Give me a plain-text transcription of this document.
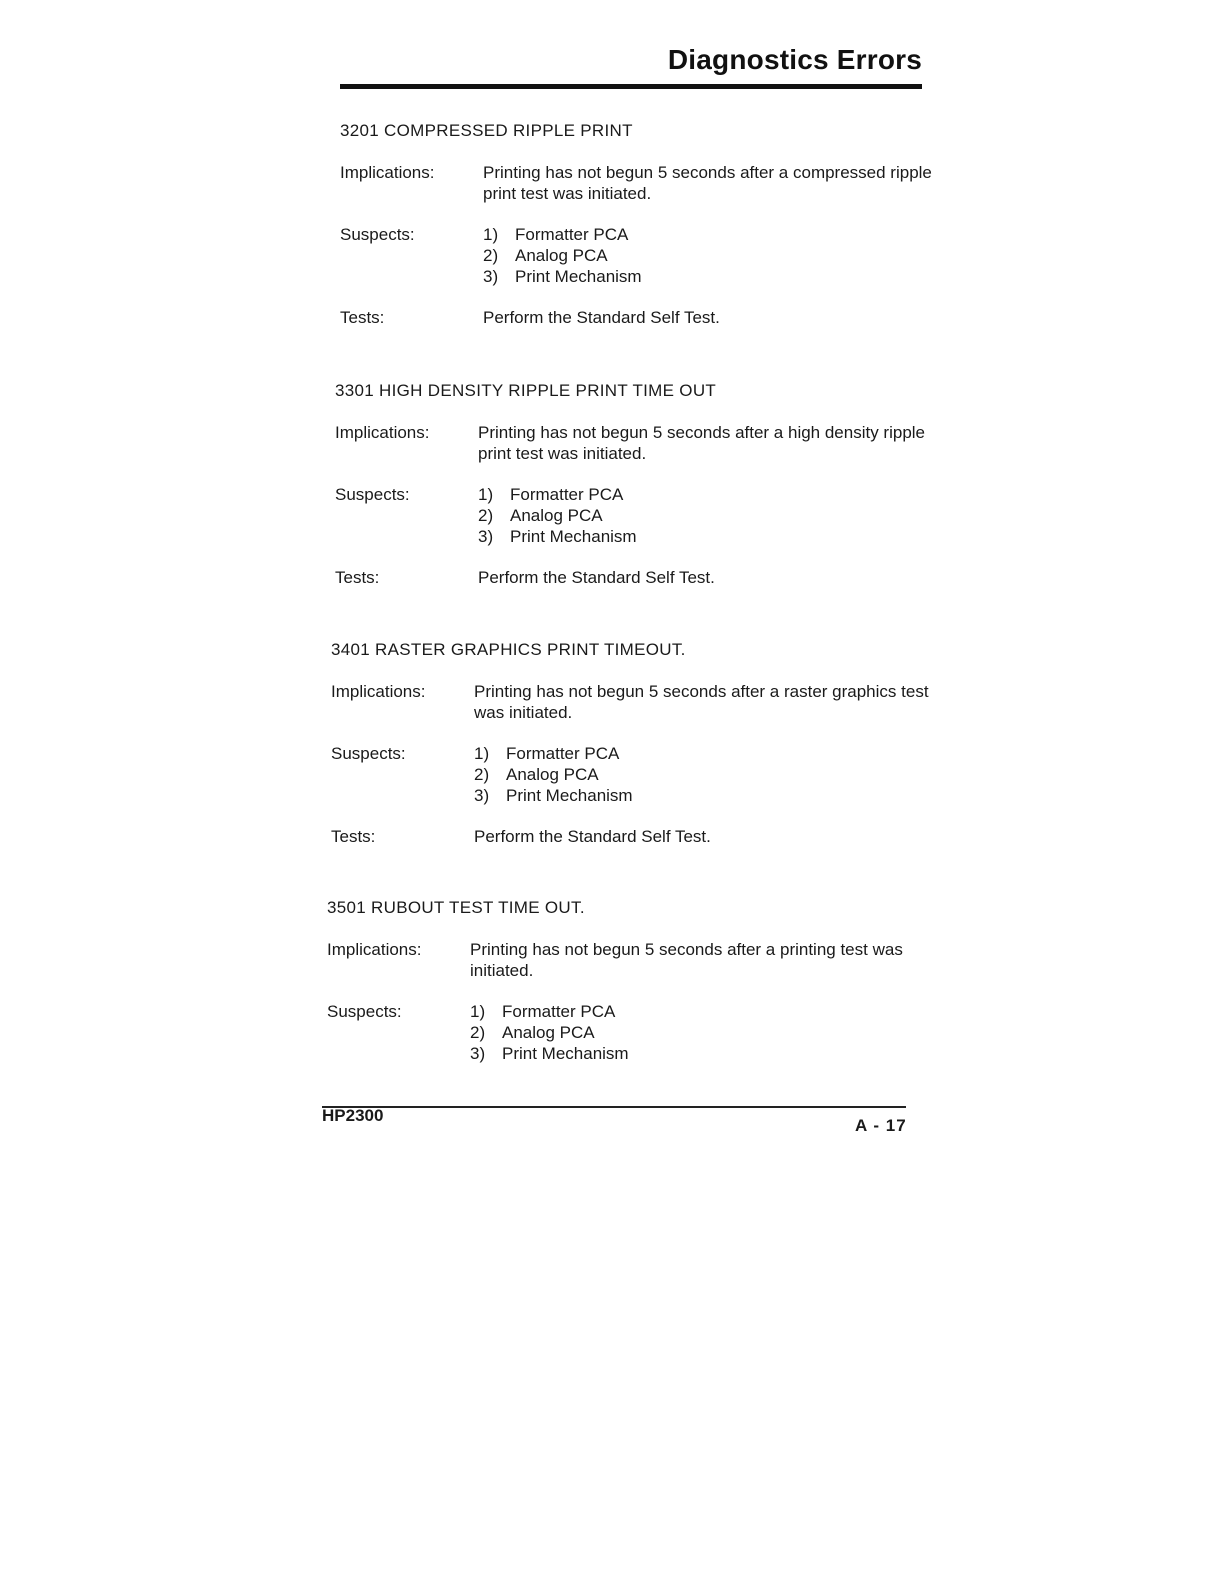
Diagnostics Errors
3201 COMPRESSED RIPPLE PRINT
Implications:	Printing has not begun 5 seconds after a compressed ripple print test was initiated.
Suspects:	1) Formatter PCA
2) Analog PCA
3) Print Mechanism
Tests:	Perform the Standard Self Test.
3301 HIGH DENSITY RIPPLE PRINT TIME OUT
Implications:	Printing has not begun 5 seconds after a high density ripple print test was initiated.
Suspects:	1) Formatter PCA
2) Analog PCA
3) Print Mechanism
Tests:	Perform the Standard Self Test.
3401 RASTER GRAPHICS PRINT TIMEOUT.
Implications:	Printing has not begun 5 seconds after a raster graphics test was initiated.
Suspects:	1) Formatter PCA
2) Analog PCA
3) Print Mechanism
Tests:	Perform the Standard Self Test.
3501 RUBOUT TEST TIME OUT.
Implications:	Printing has not begun 5 seconds after a printing test was initiated.
Suspects:	1) Formatter PCA
2) Analog PCA
3) Print Mechanism
HP2300
A - 17
